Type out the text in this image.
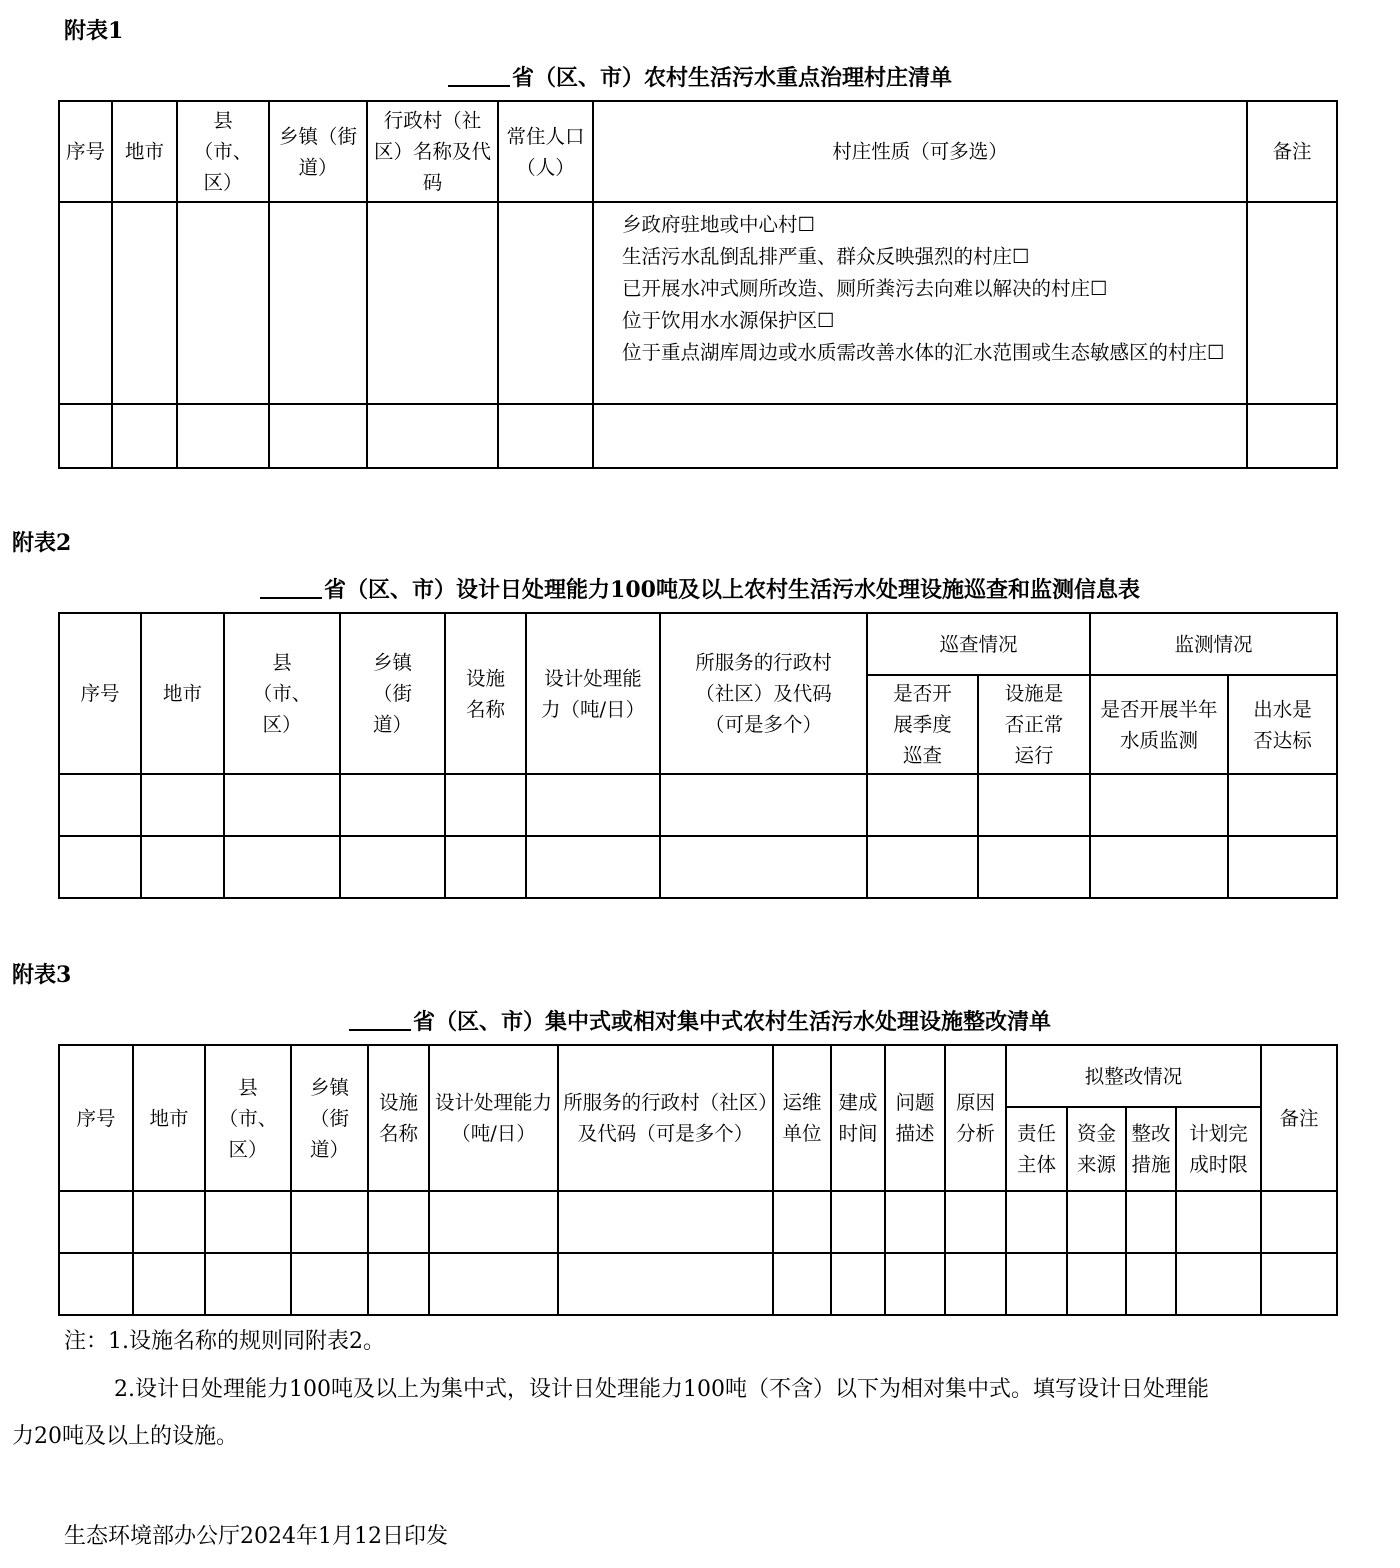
附表1
省（区、市）农村生活污水重点治理村庄清单
序号	地市	县（市、区）	乡镇（街道）	行政村（社区）名称及代码	常住人口（人）	村庄性质（可多选）	备注

						乡政府驻地或中心村☐
生活污水乱倒乱排严重、群众反映强烈的村庄☐
已开展水冲式厕所改造、厕所粪污去向难以解决的村庄☐
位于饮用水水源保护区☐
位于重点湖库周边或水质需改善水体的汇水范围或生态敏感区的村庄☐	

附表2
省（区、市）设计日处理能力100吨及以上农村生活污水处理设施巡查和监测信息表
序号	地市	县（市、区）	乡镇（街道）	设施名称	设计处理能力（吨/日）	所服务的行政村（社区）及代码（可是多个）	巡查情况		监测情况	
							是否开展季度巡查	设施是否正常运行	是否开展半年水质监测	出水是否达标

附表3
省（区、市）集中式或相对集中式农村生活污水处理设施整改清单
序号	地市	县（市、区）	乡镇（街道）	设施名称	设计处理能力（吨/日）	所服务的行政村（社区）及代码（可是多个）	运维单位	建成时间	问题描述	原因分析	拟整改情况				备注
											责任主体	资金来源	整改措施	计划完成时限	

注：1.设施名称的规则同附表2。
2.设计日处理能力100吨及以上为集中式，设计日处理能力100吨（不含）以下为相对集中式。填写设计日处理能
力20吨及以上的设施。
生态环境部办公厅2024年1月12日印发
